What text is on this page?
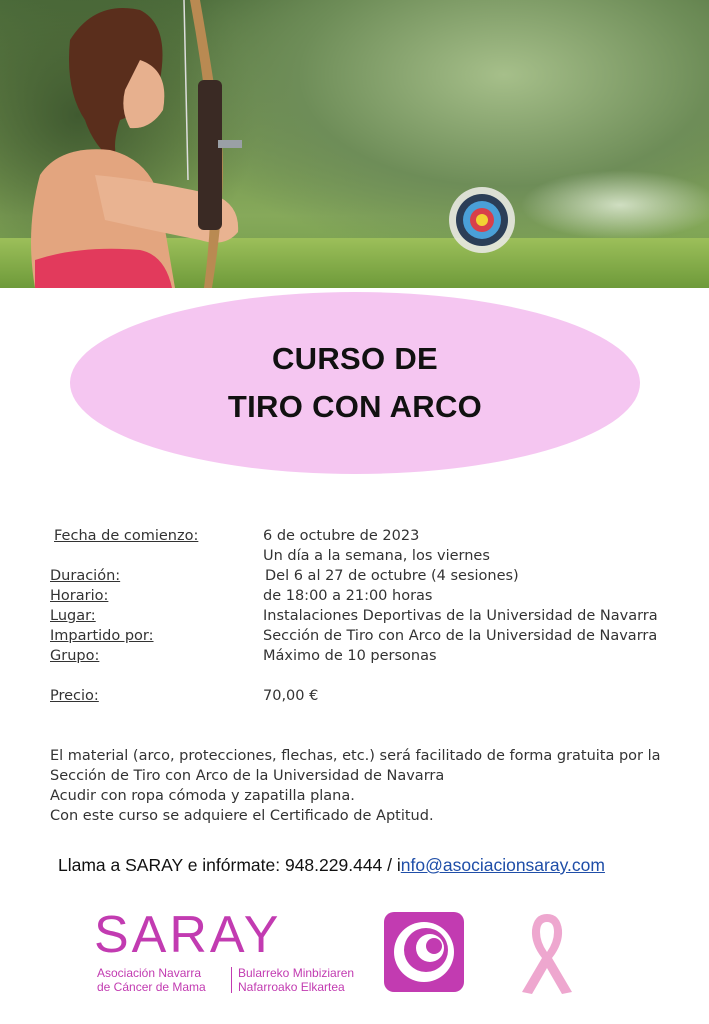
CURSO DE
TIRO CON ARCO
Fecha de comienzo:	6 de octubre de 2023
Un día a la semana, los viernes
Duración:	Del 6 al 27 de octubre (4 sesiones)
Horario:	de 18:00 a 21:00 horas
Lugar:	Instalaciones Deportivas de la Universidad de Navarra
Impartido por:	Sección de Tiro con Arco de la Universidad de Navarra
Grupo:	Máximo de 10 personas
Precio:	70,00 €
El material (arco, protecciones, flechas, etc.) será facilitado de forma gratuita por la
Sección de Tiro con Arco de la Universidad de Navarra
Acudir con ropa cómoda y zapatilla plana.
Con este curso se adquiere el Certificado de Aptitud.
Llama a SARAY e infórmate: 948.229.444 / info@asociacionsaray.com
SARAY
Asociación Navarra
de Cáncer de Mama
Bularreko Minbiziaren
Nafarroako Elkartea
